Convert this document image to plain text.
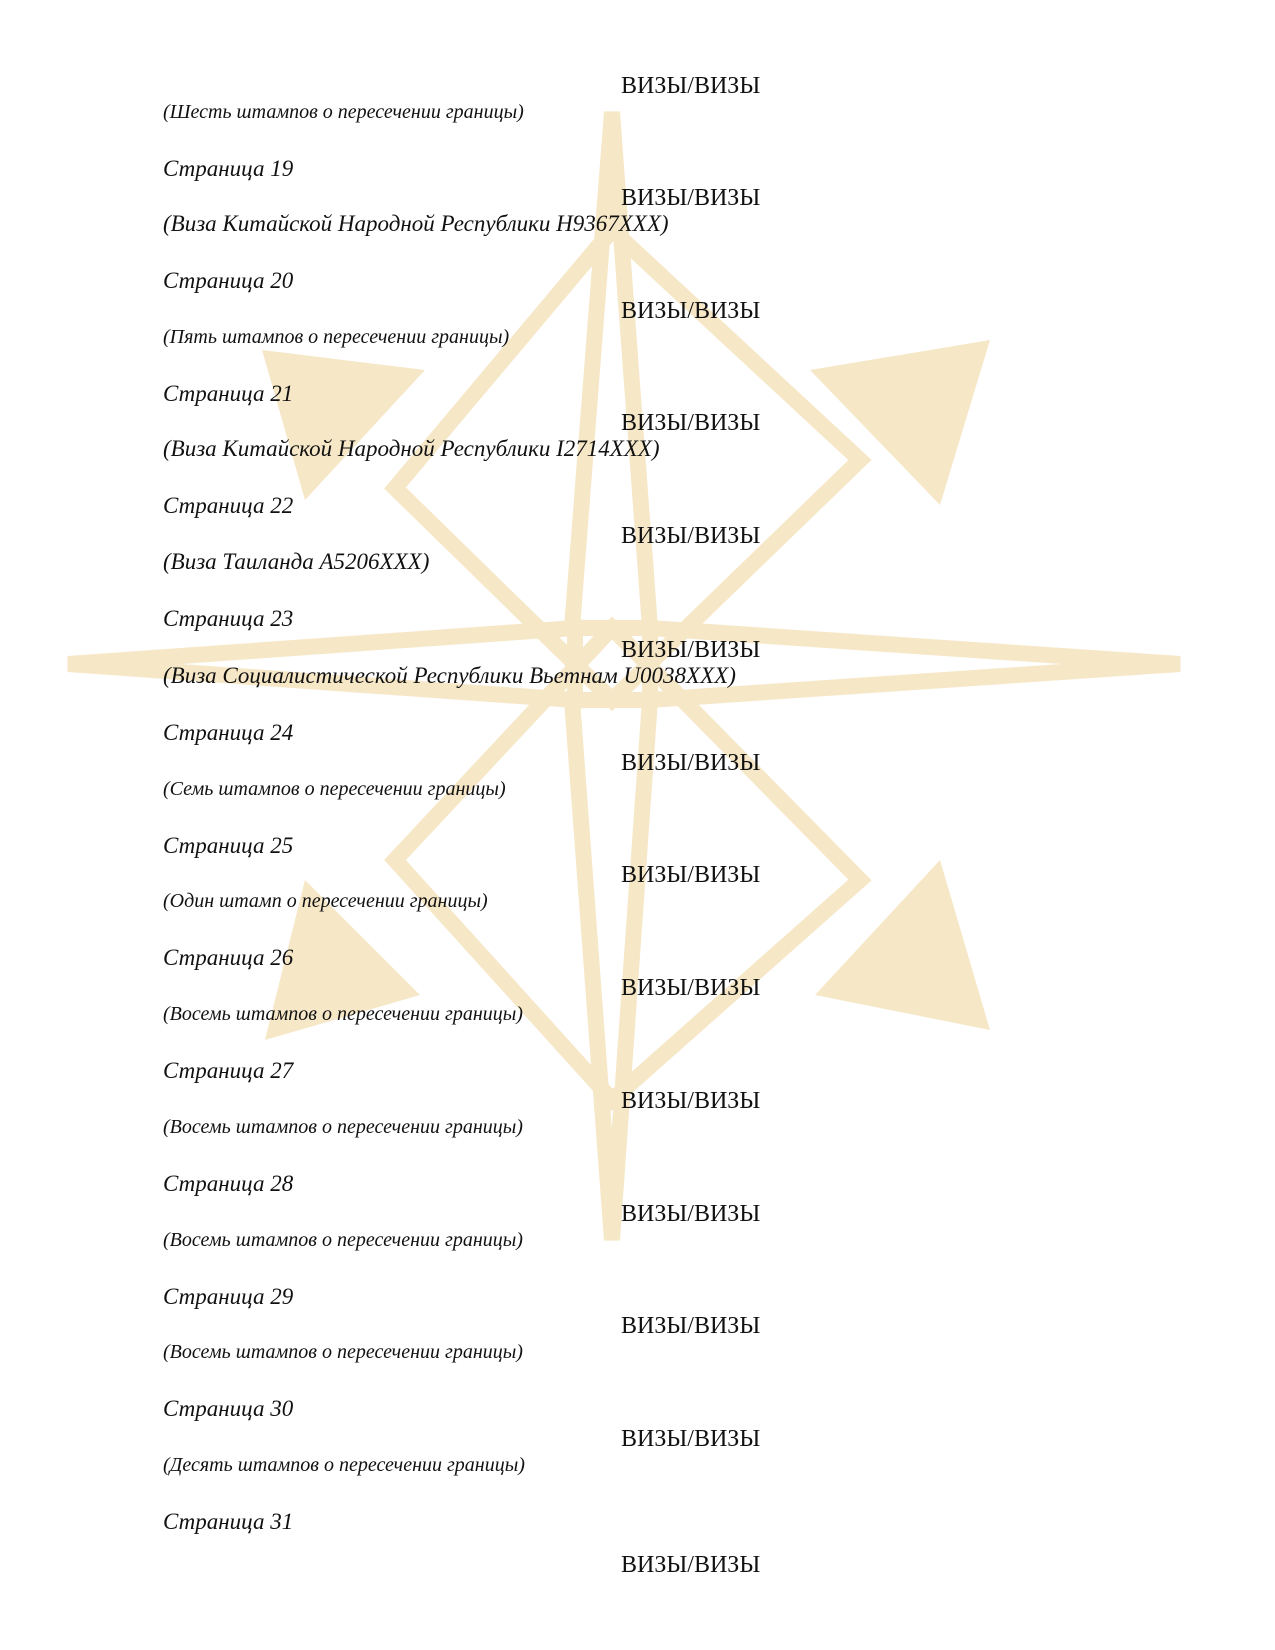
ВИЗЫ/ВИЗЫ
(Шесть штампов о пересечении границы)
Страница 19
ВИЗЫ/ВИЗЫ
(Виза Китайской Народной Республики H9367XXX)
Страница 20
ВИЗЫ/ВИЗЫ
(Пять штампов о пересечении границы)
Страница 21
ВИЗЫ/ВИЗЫ
(Виза Китайской Народной Республики I2714XXX)
Страница 22
ВИЗЫ/ВИЗЫ
(Виза Таиланда A5206XXX)
Страница 23
ВИЗЫ/ВИЗЫ
(Виза Социалистической Республики Вьетнам U0038XXX)
Страница 24
ВИЗЫ/ВИЗЫ
(Семь штампов о пересечении границы)
Страница 25
ВИЗЫ/ВИЗЫ
(Один штамп о пересечении границы)
Страница 26
ВИЗЫ/ВИЗЫ
(Восемь штампов о пересечении границы)
Страница 27
ВИЗЫ/ВИЗЫ
(Восемь штампов о пересечении границы)
Страница 28
ВИЗЫ/ВИЗЫ
(Восемь штампов о пересечении границы)
Страница 29
ВИЗЫ/ВИЗЫ
(Восемь штампов о пересечении границы)
Страница 30
ВИЗЫ/ВИЗЫ
(Десять штампов о пересечении границы)
Страница 31
ВИЗЫ/ВИЗЫ
